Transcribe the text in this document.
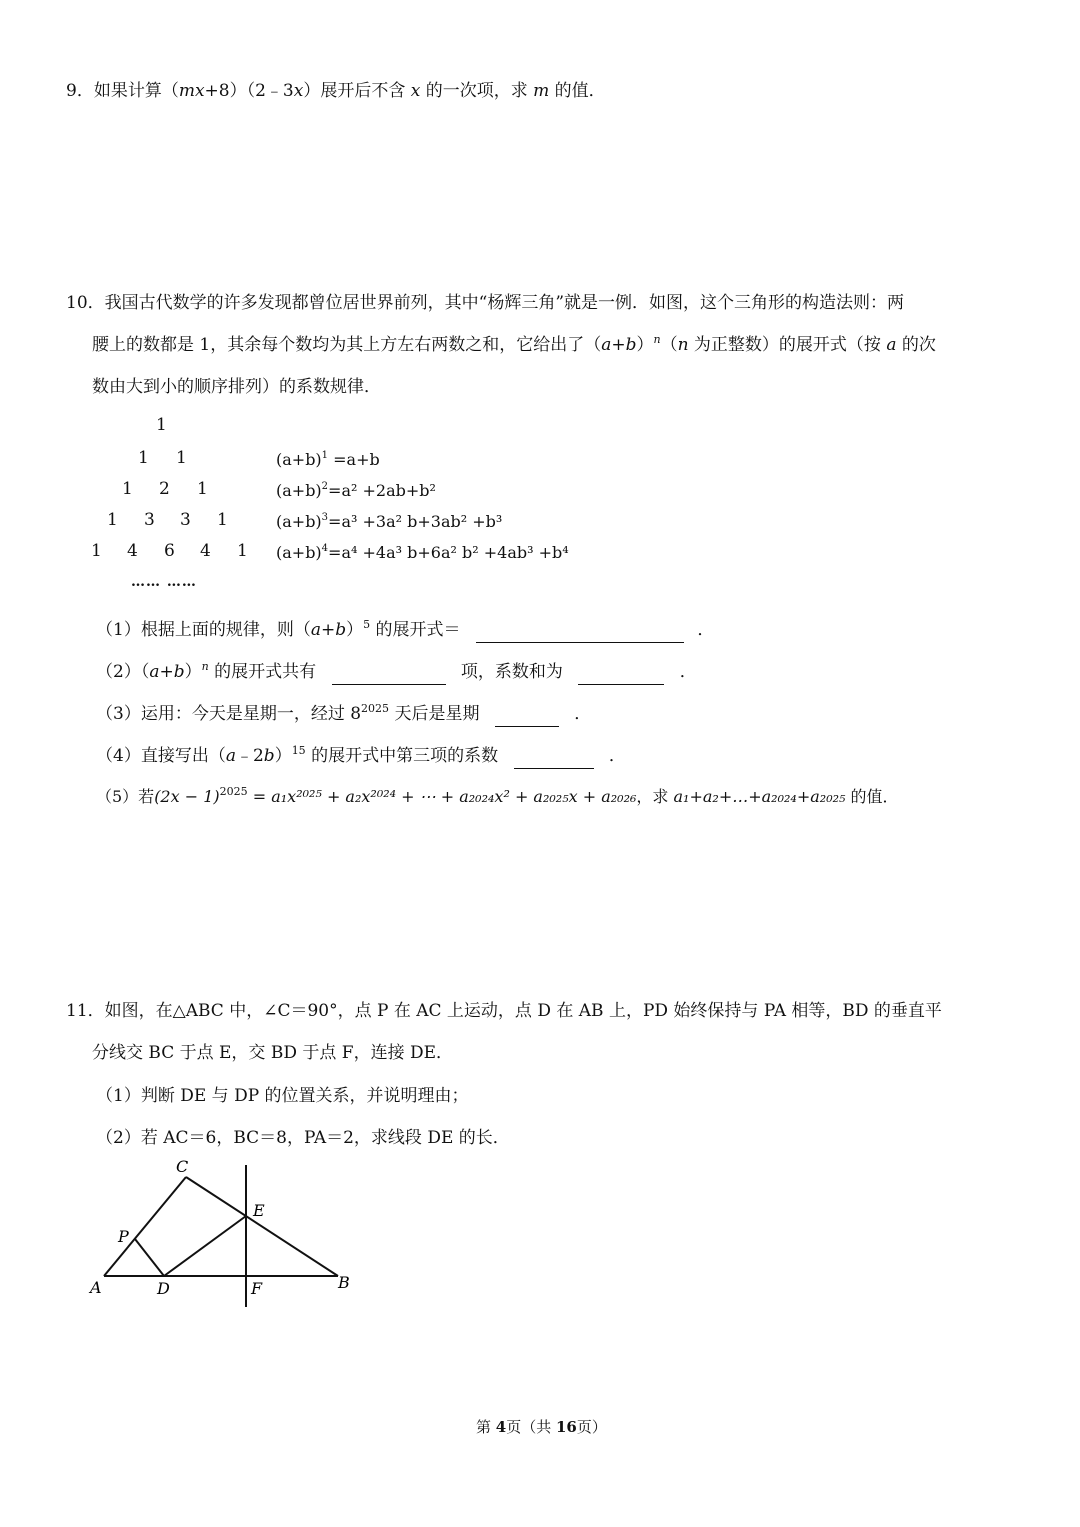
9．如果计算（mx+8）（2﹣3x）展开后不含 x 的一次项，求 m 的值．
10．我国古代数学的许多发现都曾位居世界前列，其中“杨辉三角”就是一例．如图，这个三角形的构造法则：两
腰上的数都是 1，其余每个数均为其上方左右两数之和，它给出了$(a+b)^n(n$ 为正整数）的展开式（按 a 的次
数由大到小的顺序排列）的系数规律．
1
1 1
1 2 1
1 3 3 1
1 4 6 4 1
…… ……
$(a+b)^1 =a+b$
$(a+b)^2=a^2 +2ab+b^2$
$(a+b)^3=a^3 +3a^2$ b+3ab² +b³
$(a+b)^4=a^4 +4a^3$ b+6a² b² +4ab³ +b⁴
（1）根据上面的规律，则$(a+b)^5$ 的展开式＝	．
$(2)(a+b)^n$ 的展开式共有	项，系数和为	．
（3）运用：今天是星期一，经过 $8^{2025}$ 天后是星期	．
（4）直接写出（a﹣2b）$^{15}$ 的展开式中第三项的系数	．
（5）若$(2x - 1)^{2025} = a_1x^{2025} + a_2x^{2024}$ + ⋯ + a₂₀₂₄x² + a₂₀₂₅x + a₂₀₂₆，求 a₁+a₂+…+a₂₀₂₄+a₂₀₂₅ 的值．
11．如图，在△ABC 中，∠C＝90°，点 P 在 AC 上运动，点 D 在 AB 上，PD 始终保持与 PA 相等，BD 的垂直平
分线交 BC 于点 E，交 BD 于点 F，连接 DE．
（1）判断 DE 与 DP 的位置关系，并说明理由；
（2）若 AC＝6，BC＝8，PA＝2，求线段 DE 的长．
C
E
P
A	D	F	B
第 4页（共 16页）
